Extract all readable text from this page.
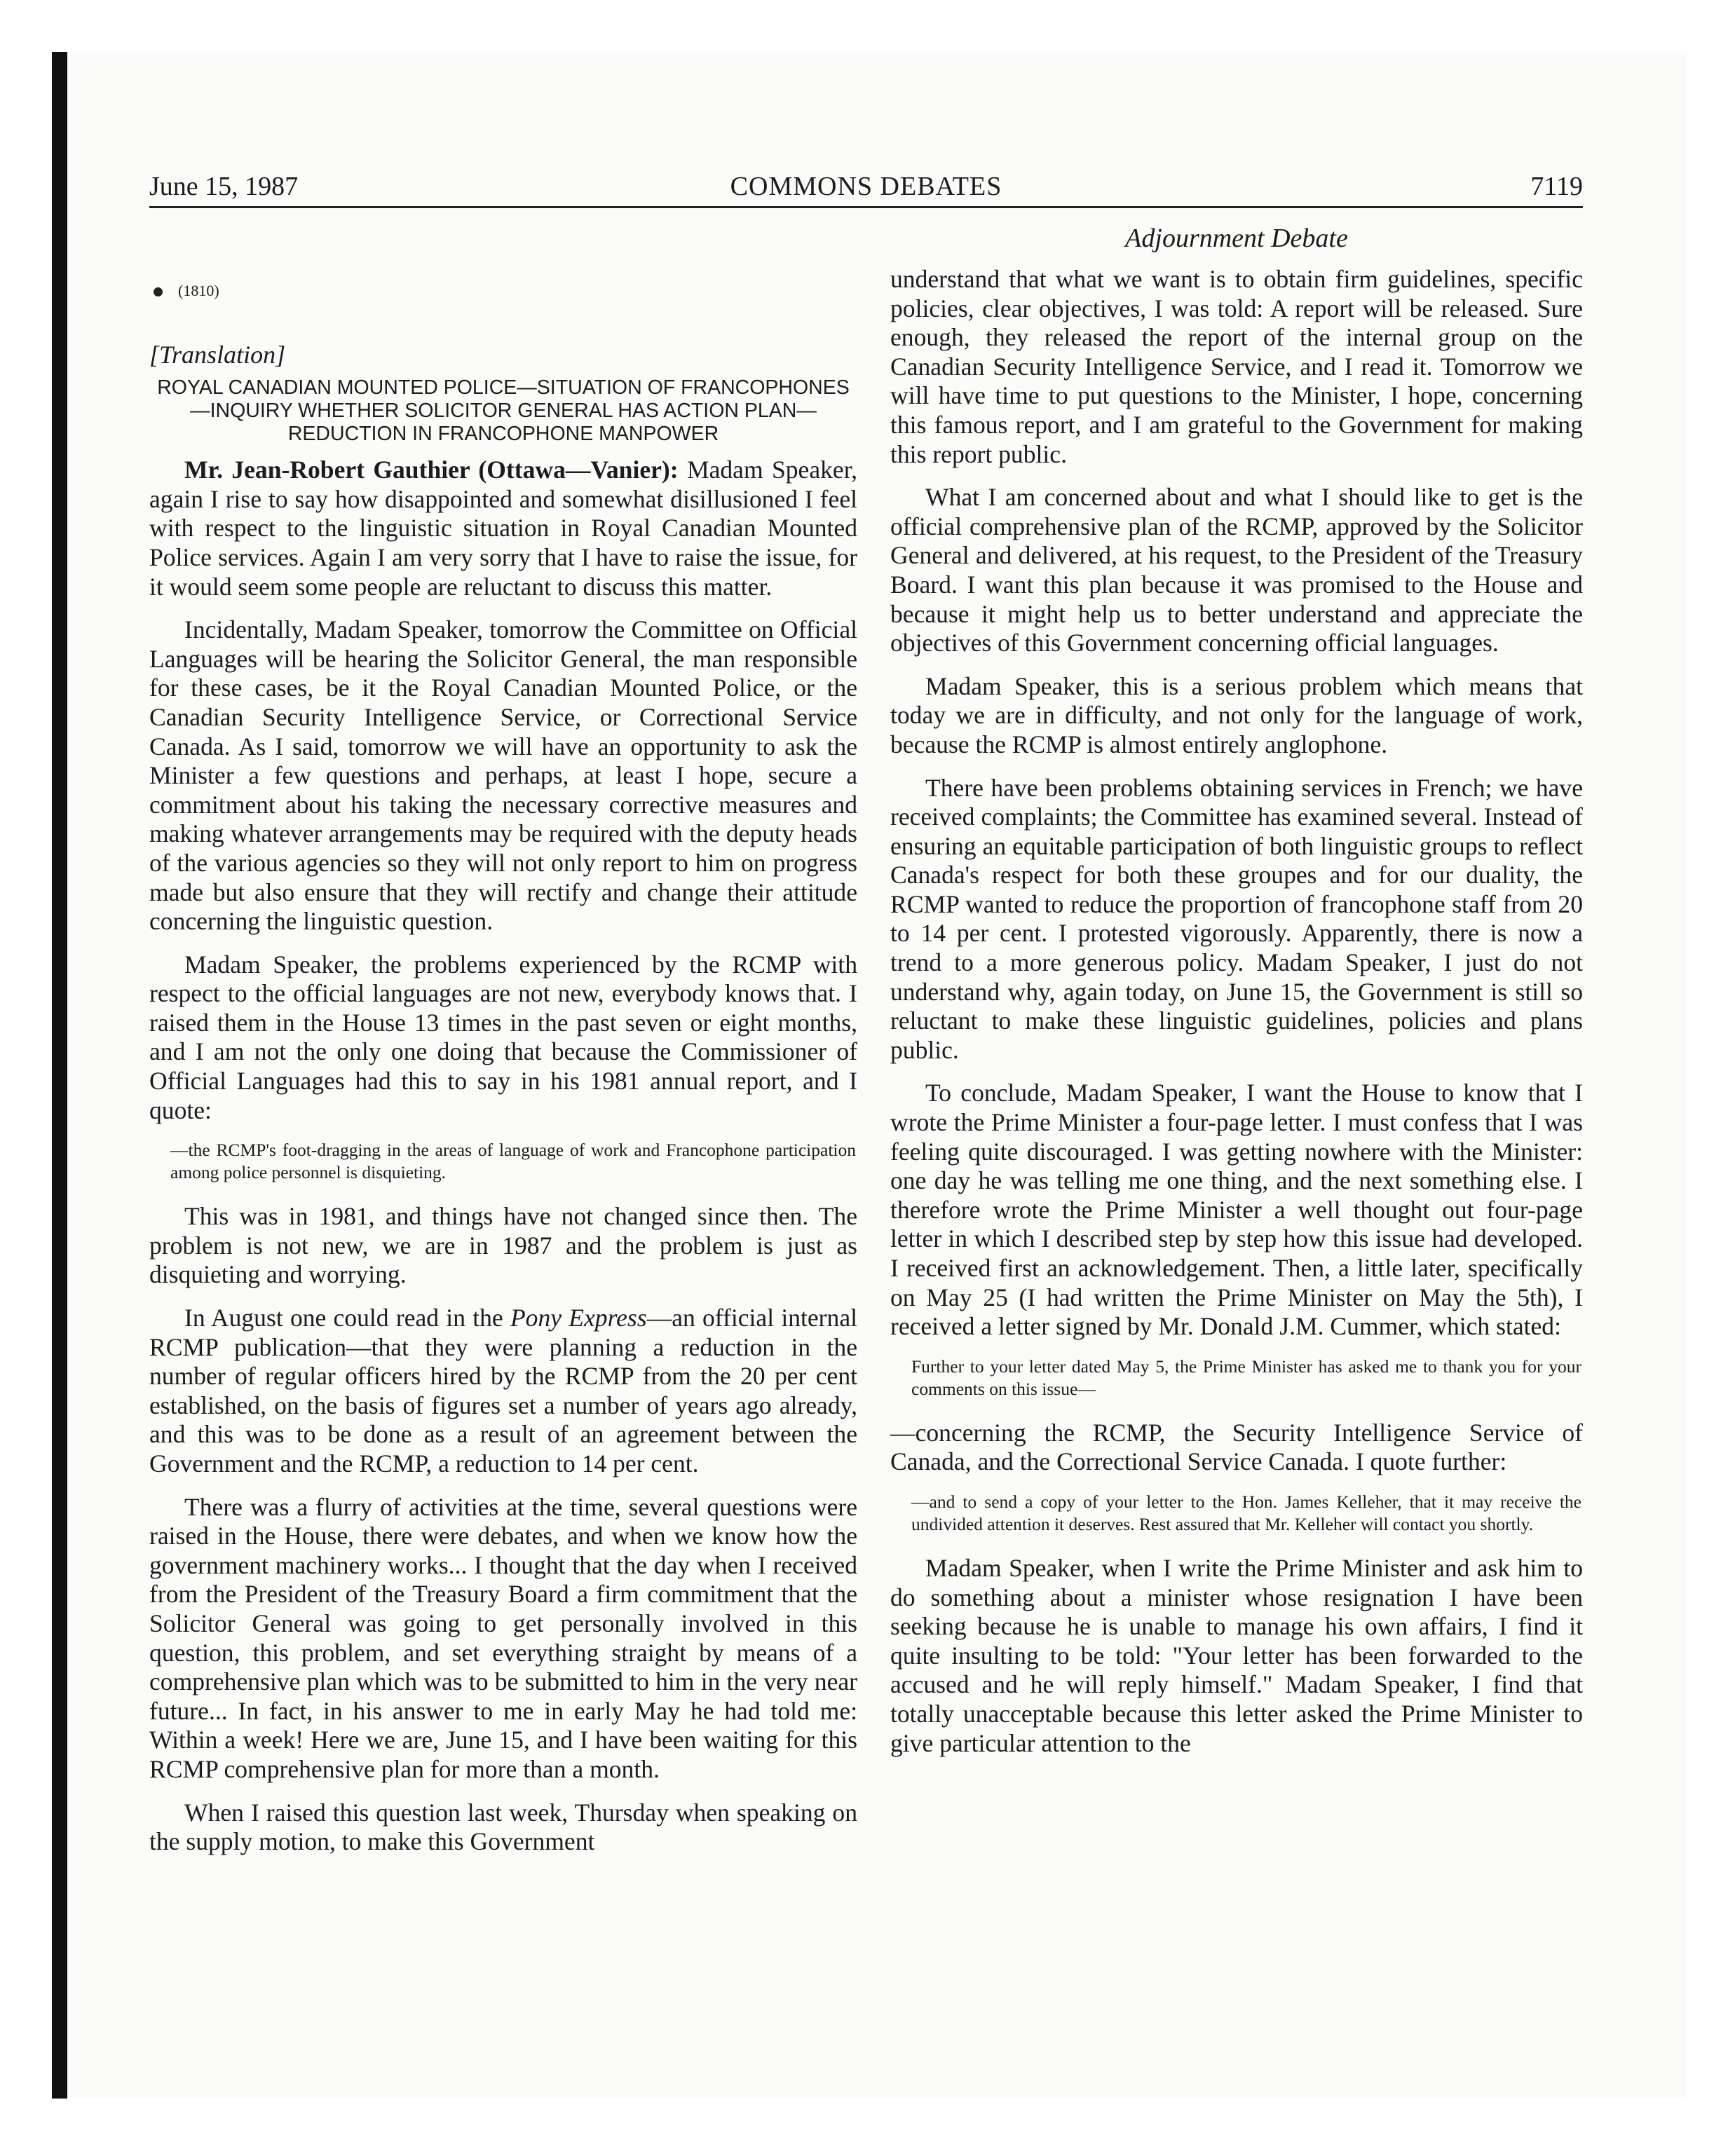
June 15, 1987	COMMONS DEBATES	7119
Adjournment Debate
(1810)
[Translation]
ROYAL CANADIAN MOUNTED POLICE—SITUATION OF FRANCOPHONES—INQUIRY WHETHER SOLICITOR GENERAL HAS ACTION PLAN—REDUCTION IN FRANCOPHONE MANPOWER

Mr. Jean-Robert Gauthier (Ottawa—Vanier): Madam Speaker, again I rise to say how disappointed and somewhat disillusioned I feel with respect to the linguistic situation in Royal Canadian Mounted Police services. Again I am very sorry that I have to raise the issue, for it would seem some people are reluctant to discuss this matter.

Incidentally, Madam Speaker, tomorrow the Committee on Official Languages will be hearing the Solicitor General, the man responsible for these cases, be it the Royal Canadian Mounted Police, or the Canadian Security Intelligence Service, or Correctional Service Canada. As I said, tomorrow we will have an opportunity to ask the Minister a few questions and perhaps, at least I hope, secure a commitment about his taking the necessary corrective measures and making whatever arrangements may be required with the deputy heads of the various agencies so they will not only report to him on progress made but also ensure that they will rectify and change their attitude concerning the linguistic question.

Madam Speaker, the problems experienced by the RCMP with respect to the official languages are not new, everybody knows that. I raised them in the House 13 times in the past seven or eight months, and I am not the only one doing that because the Commissioner of Official Languages had this to say in his 1981 annual report, and I quote:

—the RCMP's foot-dragging in the areas of language of work and Francophone participation among police personnel is disquieting.

This was in 1981, and things have not changed since then. The problem is not new, we are in 1987 and the problem is just as disquieting and worrying.

In August one could read in the Pony Express—an official internal RCMP publication—that they were planning a reduction in the number of regular officers hired by the RCMP from the 20 per cent established, on the basis of figures set a number of years ago already, and this was to be done as a result of an agreement between the Government and the RCMP, a reduction to 14 per cent.

There was a flurry of activities at the time, several questions were raised in the House, there were debates, and when we know how the government machinery works... I thought that the day when I received from the President of the Treasury Board a firm commitment that the Solicitor General was going to get personally involved in this question, this problem, and set everything straight by means of a comprehensive plan which was to be submitted to him in the very near future... In fact, in his answer to me in early May he had told me: Within a week! Here we are, June 15, and I have been waiting for this RCMP comprehensive plan for more than a month.

When I raised this question last week, Thursday when speaking on the supply motion, to make this Government

understand that what we want is to obtain firm guidelines, specific policies, clear objectives, I was told: A report will be released. Sure enough, they released the report of the internal group on the Canadian Security Intelligence Service, and I read it. Tomorrow we will have time to put questions to the Minister, I hope, concerning this famous report, and I am grateful to the Government for making this report public.

What I am concerned about and what I should like to get is the official comprehensive plan of the RCMP, approved by the Solicitor General and delivered, at his request, to the President of the Treasury Board. I want this plan because it was promised to the House and because it might help us to better understand and appreciate the objectives of this Government concerning official languages.

Madam Speaker, this is a serious problem which means that today we are in difficulty, and not only for the language of work, because the RCMP is almost entirely anglophone.

There have been problems obtaining services in French; we have received complaints; the Committee has examined several. Instead of ensuring an equitable participation of both linguistic groups to reflect Canada's respect for both these groupes and for our duality, the RCMP wanted to reduce the proportion of francophone staff from 20 to 14 per cent. I protested vigorously. Apparently, there is now a trend to a more generous policy. Madam Speaker, I just do not understand why, again today, on June 15, the Government is still so reluctant to make these linguistic guidelines, policies and plans public.

To conclude, Madam Speaker, I want the House to know that I wrote the Prime Minister a four-page letter. I must confess that I was feeling quite discouraged. I was getting nowhere with the Minister: one day he was telling me one thing, and the next something else. I therefore wrote the Prime Minister a well thought out four-page letter in which I described step by step how this issue had developed. I received first an acknowledgement. Then, a little later, specifically on May 25 (I had written the Prime Minister on May the 5th), I received a letter signed by Mr. Donald J.M. Cummer, which stated:

Further to your letter dated May 5, the Prime Minister has asked me to thank you for your comments on this issue—

—concerning the RCMP, the Security Intelligence Service of Canada, and the Correctional Service Canada. I quote further:

—and to send a copy of your letter to the Hon. James Kelleher, that it may receive the undivided attention it deserves. Rest assured that Mr. Kelleher will contact you shortly.

Madam Speaker, when I write the Prime Minister and ask him to do something about a minister whose resignation I have been seeking because he is unable to manage his own affairs, I find it quite insulting to be told: "Your letter has been forwarded to the accused and he will reply himself." Madam Speaker, I find that totally unacceptable because this letter asked the Prime Minister to give particular attention to the
